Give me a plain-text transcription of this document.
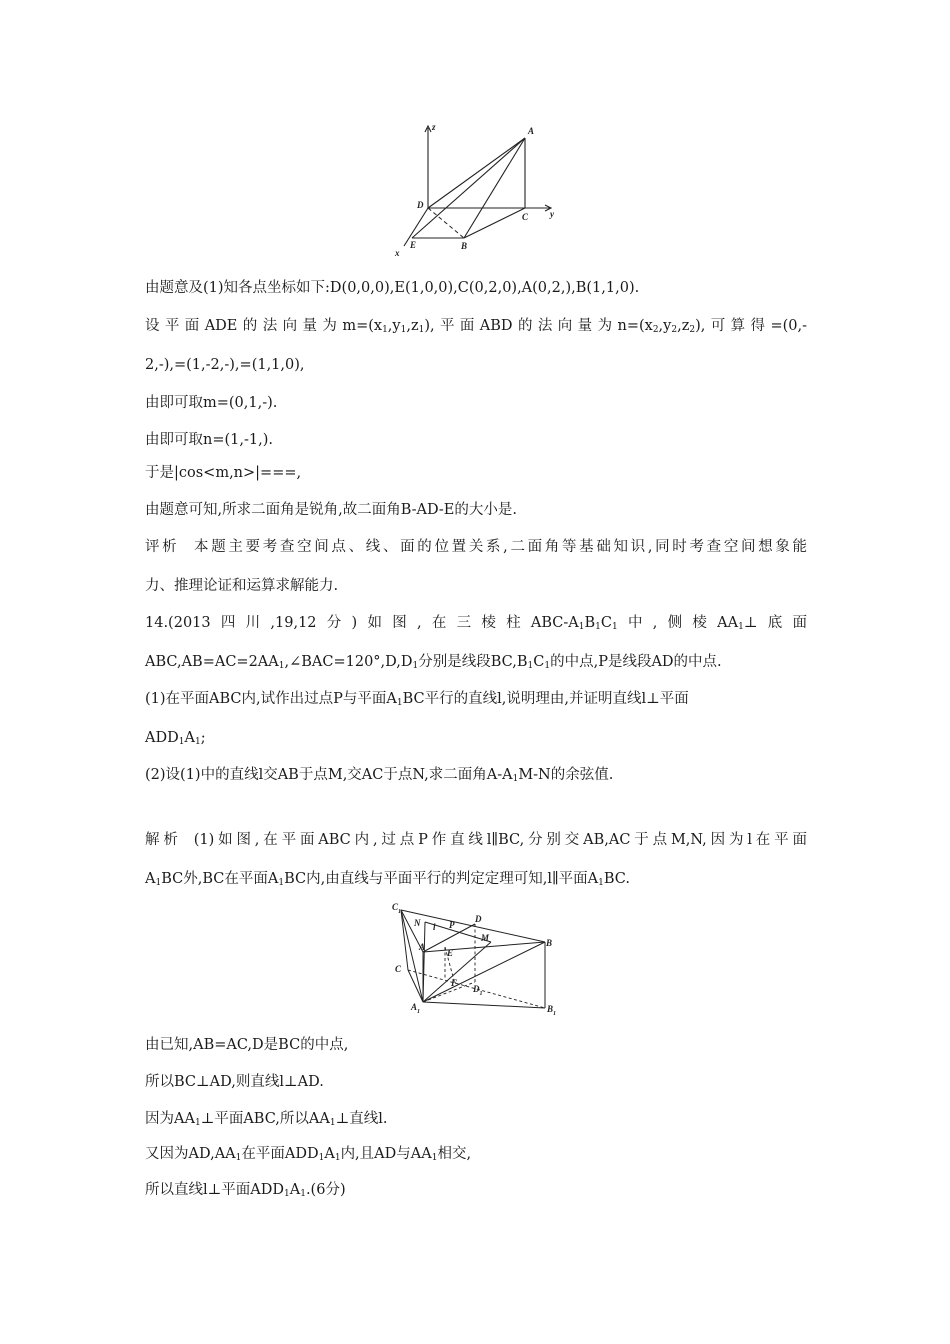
z	A
D
C y
E	B
x
由题意及(1)知各点坐标如下:D(0,0,0),E(1,0,0),C(0,2,0),A(0,2,),B(1,1,0).
设平面ADE的法向量为$m=(x_1,y_1,z_1)$,平面ABD的法向量为$n=(x_2,y_2,z_2)$,可算得=(0,-
2,-),=(1,-2,-),=(1,1,0),
由即可取m=(0,1,-).
由即可取n=(1,-1,).
于是|cos<m,n>|===,
由题意可知,所求二面角是锐角,故二面角B-AD-E的大小是.
评析 本题主要考查空间点、线、面的位置关系,二面角等基础知识,同时考查空间想象能
力、推理论证和运算求解能力.
14.(2013四川,19,12分)如图,在三棱柱ABC-$A_1B_1C_1$中,侧棱$AA_1\perp$底面
$ABC,AB=AC=2AA_1,\angle BAC=120^\circ,D,D_1$分别是线段$BC,B_1C_1$的中点,P是线段AD的中点.
(1)在平面ABC内,试作出过点P与平面$A_1BC$平行的直线l,说明理由,并证明直线l⊥平面
$ADD_1A_1$;
(2)设(1)中的直线l交AB于点M,交AC于点N,求二面角$A-A_1M-N$的余弦值.
解析 (1)如图,在平面ABC内,过点P作直线l∥BC,分别交AB,AC于点M,N,因为l在平面
$A_1BC$外,BC在平面$A_1BC$内,由直线与平面平行的判定定理可知,l∥平面$A_1BC$.
$C_1$
N l
D
P
M	B
A
E
C
F
$D_1$
$A_1$	$B_1$
由已知,AB=AC,D是BC的中点,
所以BC⊥AD,则直线l⊥AD.
因为$AA_1\perp$平面ABC,所以$AA_1\perp$直线l.
又因为$AD,AA_1$在平面$ADD_1A_1$内,且AD与$AA_1$相交,
所以直线l⊥平面$ADD_1A_1.(6$分)
